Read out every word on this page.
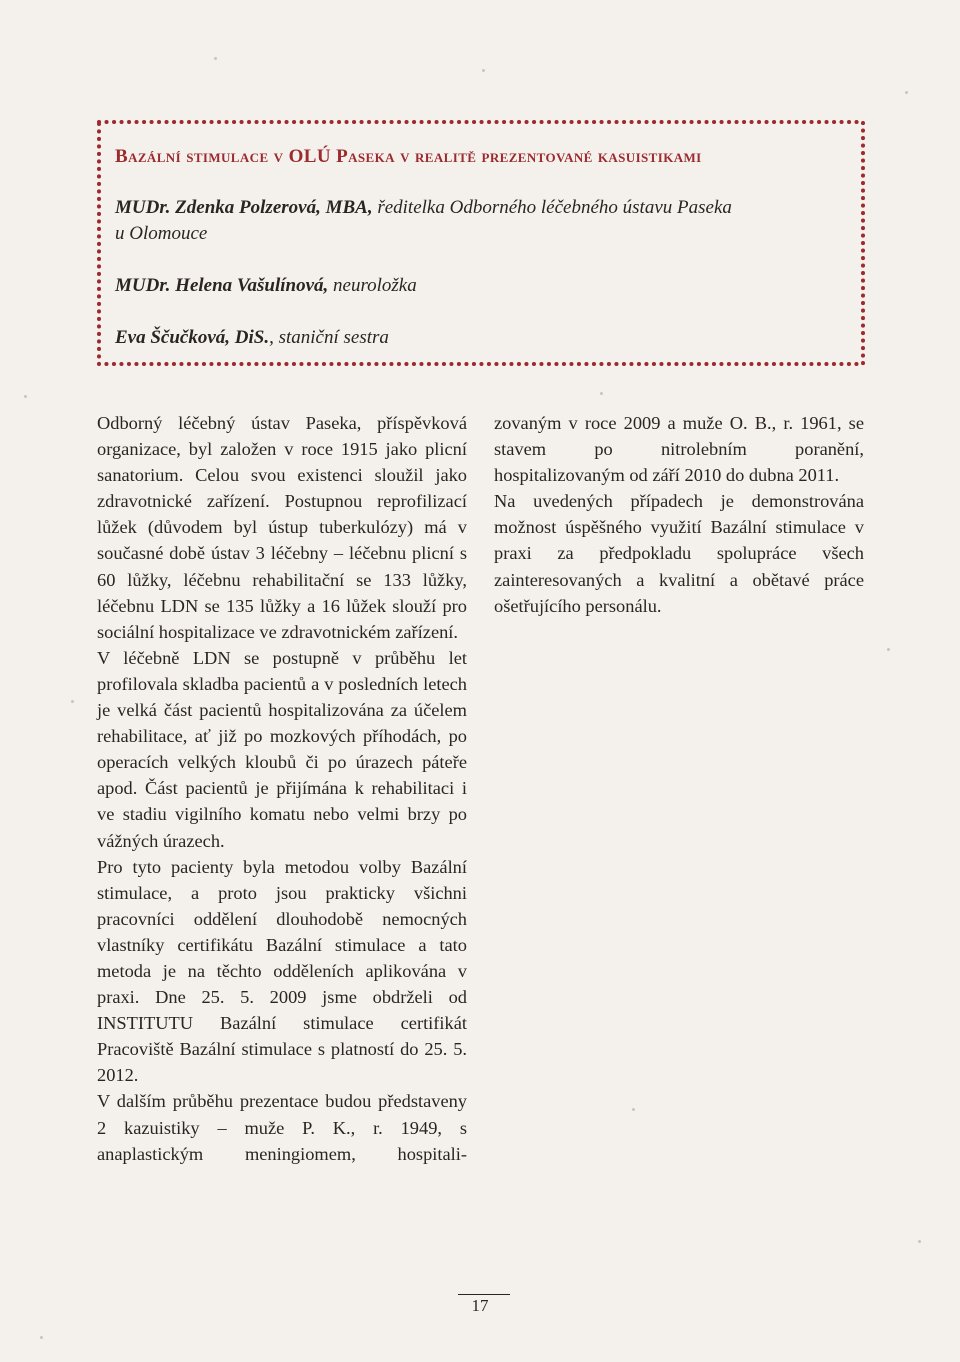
Bazální stimulace v OLÚ Paseka v realitě prezentované kasuistikami
MUDr. Zdenka Polzerová, MBA, ředitelka Odborného léčebného ústavu Paseka
u Olomouce
MUDr. Helena Vašulínová, neuroložka
Eva Ščučková, DiS., staniční sestra

Odborný léčebný ústav Paseka, příspěvková organizace, byl založen v roce 1915 jako plicní sanatorium. Celou svou existenci sloužil jako zdravotnické zařízení. Postupnou reprofilizací lůžek (důvodem byl ústup tuberkulózy) má v současné době ústav 3 léčebny – léčebnu plicní s 60 lůžky, léčebnu rehabilitační se 133 lůžky, léčebnu LDN se 135 lůžky a 16 lůžek slouží pro sociální hospitalizace ve zdravotnickém zařízení.

V léčebně LDN se postupně v průběhu let profilovala skladba pacientů a v posledních letech je velká část pacientů hospitalizována za účelem rehabilitace, ať již po mozkových příhodách, po operacích velkých kloubů či po úrazech páteře apod. Část pacientů je přijímána k rehabilitaci i ve stadiu vigilního komatu nebo velmi brzy po vážných úrazech.

Pro tyto pacienty byla metodou volby Bazální stimulace, a proto jsou prakticky všichni pracovníci oddělení dlouhodobě nemocných vlastníky certifikátu Bazální stimulace a tato metoda je na těchto odděleních aplikována v praxi. Dne 25. 5. 2009 jsme obdrželi od INSTITUTU Bazální stimulace certifikát Pracoviště Bazální stimulace s platností do 25. 5. 2012.

V dalším průběhu prezentace budou představeny 2 kazuistiky – muže P. K., r. 1949, s anaplastickým meningiomem, hospitali-

zovaným v roce 2009 a muže O. B., r. 1961, se stavem po nitrolebním poranění, hospitalizovaným od září 2010 do dubna 2011.

Na uvedených případech je demonstrována možnost úspěšného využití Bazální stimulace v praxi za předpokladu spolupráce všech zainteresovaných a kvalitní a obětavé práce ošetřujícího personálu.

17
